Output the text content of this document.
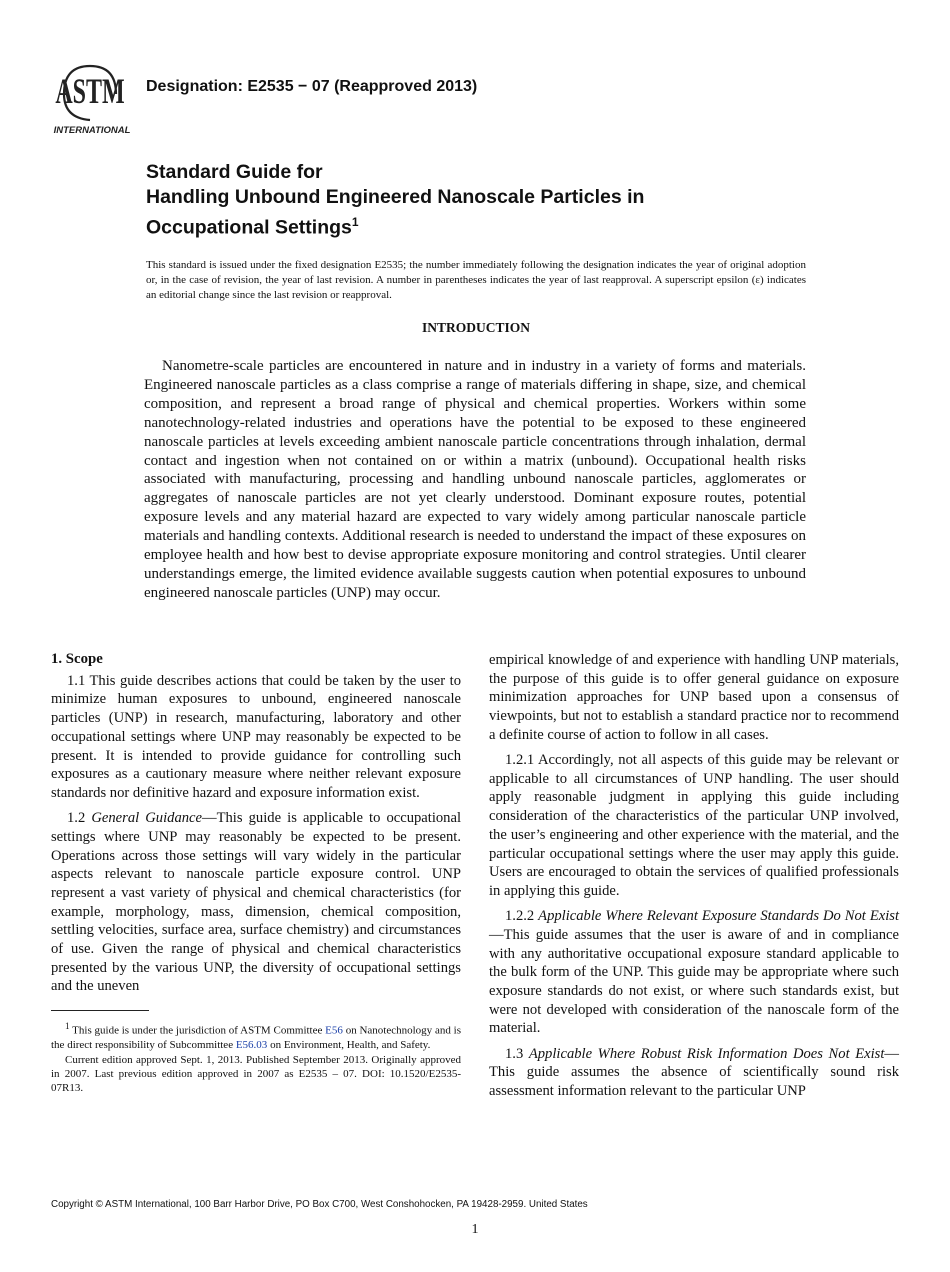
ASTM
INTERNATIONAL
Designation: E2535 − 07 (Reapproved 2013)
Standard Guide for
Handling Unbound Engineered Nanoscale Particles in
Occupational Settings$^1$
This standard is issued under the fixed designation E2535; the number immediately following the designation indicates the year of original adoption or, in the case of revision, the year of last revision. A number in parentheses indicates the year of last reapproval. A superscript epsilon (ε) indicates an editorial change since the last revision or reapproval.
INTRODUCTION
Nanometre-scale particles are encountered in nature and in industry in a variety of forms and materials. Engineered nanoscale particles as a class comprise a range of materials differing in shape, size, and chemical composition, and represent a broad range of physical and chemical properties. Workers within some nanotechnology-related industries and operations have the potential to be exposed to these engineered nanoscale particles at levels exceeding ambient nanoscale particle concentrations through inhalation, dermal contact and ingestion when not contained on or within a matrix (unbound). Occupational health risks associated with manufacturing, processing and handling unbound nanoscale particles, agglomerates or aggregates of nanoscale particles are not yet clearly understood. Dominant exposure routes, potential exposure levels and any material hazard are expected to vary widely among particular nanoscale particle materials and handling contexts. Additional research is needed to understand the impact of these exposures on employee health and how best to devise appropriate exposure monitoring and control strategies. Until clearer understandings emerge, the limited evidence available suggests caution when potential exposures to unbound engineered nanoscale particles (UNP) may occur.
1. Scope

1.1 This guide describes actions that could be taken by the user to minimize human exposures to unbound, engineered nanoscale particles (UNP) in research, manufacturing, laboratory and other occupational settings where UNP may reasonably be expected to be present. It is intended to provide guidance for controlling such exposures as a cautionary measure where neither relevant exposure standards nor definitive hazard and exposure information exist.

1.2 General Guidance—This guide is applicable to occupational settings where UNP may reasonably be expected to be present. Operations across those settings will vary widely in the particular aspects relevant to nanoscale particle exposure control. UNP represent a vast variety of physical and chemical characteristics (for example, morphology, mass, dimension, chemical composition, settling velocities, surface area, surface chemistry) and circumstances of use. Given the range of physical and chemical characteristics presented by the various UNP, the diversity of occupational settings and the uneven

empirical knowledge of and experience with handling UNP materials, the purpose of this guide is to offer general guidance on exposure minimization approaches for UNP based upon a consensus of viewpoints, but not to establish a standard practice nor to recommend a definite course of action to follow in all cases.

1.2.1 Accordingly, not all aspects of this guide may be relevant or applicable to all circumstances of UNP handling. The user should apply reasonable judgment in applying this guide including consideration of the characteristics of the particular UNP involved, the user’s engineering and other experience with the material, and the particular occupational settings where the user may apply this guide. Users are encouraged to obtain the services of qualified professionals in applying this guide.

1.2.2 Applicable Where Relevant Exposure Standards Do Not Exist—This guide assumes that the user is aware of and in compliance with any authoritative occupational exposure standard applicable to the bulk form of the UNP. This guide may be appropriate where such exposure standards do not exist, or where such standards exist, but were not developed with consideration of the nanoscale form of the material.

1.3 Applicable Where Robust Risk Information Does Not Exist—This guide assumes the absence of scientifically sound risk assessment information relevant to the particular UNP

$^1$ This guide is under the jurisdiction of ASTM Committee E56 on Nanotechnology and is the direct responsibility of Subcommittee E56.03 on Environment, Health, and Safety.

Current edition approved Sept. 1, 2013. Published September 2013. Originally approved in 2007. Last previous edition approved in 2007 as E2535 – 07. DOI: 10.1520/E2535-07R13.

Copyright © ASTM International, 100 Barr Harbor Drive, PO Box C700, West Conshohocken, PA 19428-2959. United States
1
